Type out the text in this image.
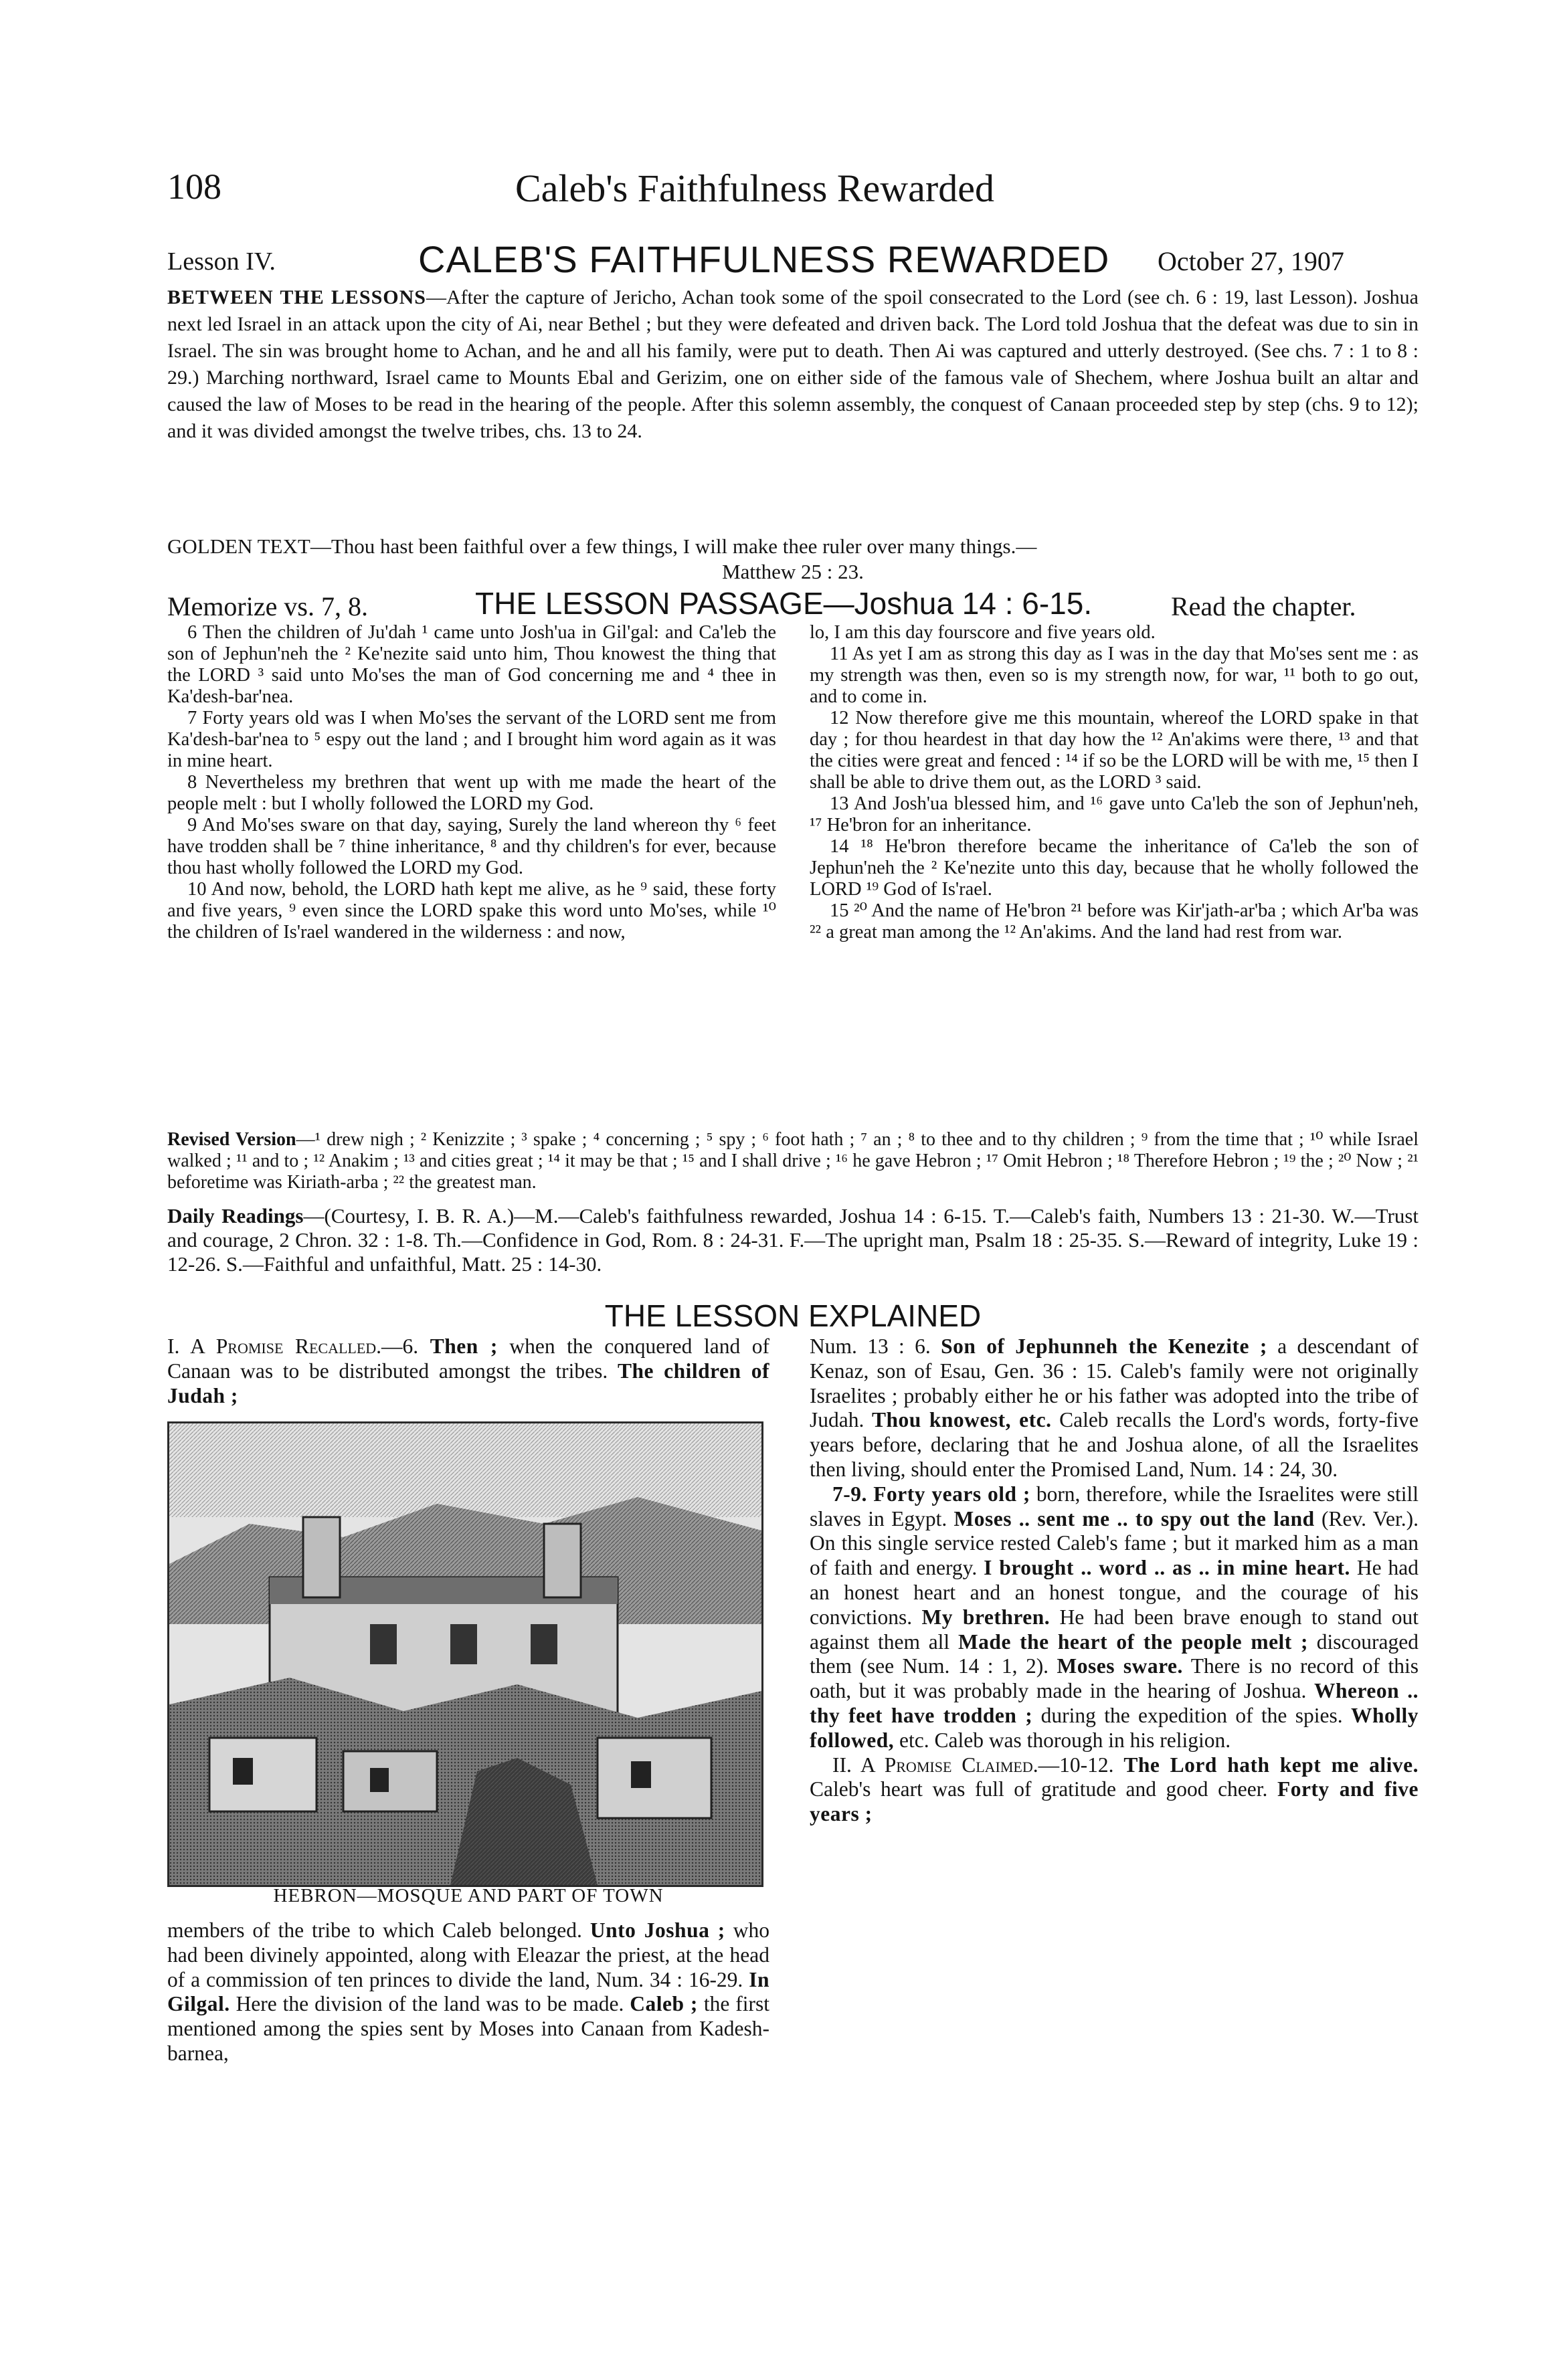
108	Caleb's Faithfulness Rewarded
Lesson IV.	CALEB'S FAITHFULNESS REWARDED October 27, 1907
BETWEEN THE LESSONS—After the capture of Jericho, Achan took some of the spoil consecrated to the Lord (see ch. 6 : 19, last Lesson). Joshua next led Israel in an attack upon the city of Ai, near Bethel ; but they were defeated and driven back. The Lord told Joshua that the defeat was due to sin in Israel. The sin was brought home to Achan, and he and all his family, were put to death. Then Ai was captured and utterly destroyed. (See chs. 7 : 1 to 8 : 29.) Marching northward, Israel came to Mounts Ebal and Gerizim, one on either side of the famous vale of Shechem, where Joshua built an altar and caused the law of Moses to be read in the hearing of the people. After this solemn assembly, the conquest of Canaan proceeded step by step (chs. 9 to 12); and it was divided amongst the twelve tribes, chs. 13 to 24.
GOLDEN TEXT—Thou hast been faithful over a few things, I will make thee ruler over many things.—
Matthew 25 : 23.
Memorize vs. 7, 8.	THE LESSON PASSAGE—Joshua 14 : 6-15.	Read the chapter.

6 Then the children of Ju'dah ¹ came unto Josh'ua in Gil'gal: and Ca'leb the son of Jephun'neh the ² Ke'nezite said unto him, Thou knowest the thing that the LORD ³ said unto Mo'ses the man of God concerning me and ⁴ thee in Ka'desh-bar'nea.

7 Forty years old was I when Mo'ses the servant of the LORD sent me from Ka'desh-bar'nea to ⁵ espy out the land ; and I brought him word again as it was in mine heart.

8 Nevertheless my brethren that went up with me made the heart of the people melt : but I wholly followed the LORD my God.

9 And Mo'ses sware on that day, saying, Surely the land whereon thy ⁶ feet have trodden shall be ⁷ thine inheritance, ⁸ and thy children's for ever, because thou hast wholly followed the LORD my God.

10 And now, behold, the LORD hath kept me alive, as he ⁹ said, these forty and five years, ⁹ even since the LORD spake this word unto Mo'ses, while ¹⁰ the children of Is'rael wandered in the wilderness : and now,

lo, I am this day fourscore and five years old.

11 As yet I am as strong this day as I was in the day that Mo'ses sent me : as my strength was then, even so is my strength now, for war, ¹¹ both to go out, and to come in.

12 Now therefore give me this mountain, whereof the LORD spake in that day ; for thou heardest in that day how the ¹² An'akims were there, ¹³ and that the cities were great and fenced : ¹⁴ if so be the LORD will be with me, ¹⁵ then I shall be able to drive them out, as the LORD ³ said.

13 And Josh'ua blessed him, and ¹⁶ gave unto Ca'leb the son of Jephun'neh, ¹⁷ He'bron for an inheritance.

14 ¹⁸ He'bron therefore became the inheritance of Ca'leb the son of Jephun'neh the ² Ke'nezite unto this day, because that he wholly followed the LORD ¹⁹ God of Is'rael.

15 ²⁰ And the name of He'bron ²¹ before was Kir'jath-ar'ba ; which Ar'ba was ²² a great man among the ¹² An'akims. And the land had rest from war.

Revised Version—¹ drew nigh ; ² Kenizzite ; ³ spake ; ⁴ concerning ; ⁵ spy ; ⁶ foot hath ; ⁷ an ; ⁸ to thee and to thy children ; ⁹ from the time that ; ¹⁰ while Israel walked ; ¹¹ and to ; ¹² Anakim ; ¹³ and cities great ; ¹⁴ it may be that ; ¹⁵ and I shall drive ; ¹⁶ he gave Hebron ; ¹⁷ Omit Hebron ; ¹⁸ Therefore Hebron ; ¹⁹ the ; ²⁰ Now ; ²¹ beforetime was Kiriath-arba ; ²² the greatest man.
Daily Readings—(Courtesy, I. B. R. A.)—M.—Caleb's faithfulness rewarded, Joshua 14 : 6-15. T.—Caleb's faith, Numbers 13 : 21-30. W.—Trust and courage, 2 Chron. 32 : 1-8. Th.—Confidence in God, Rom. 8 : 24-31. F.—The upright man, Psalm 18 : 25-35. S.—Reward of integrity, Luke 19 : 12-26. S.—Faithful and unfaithful, Matt. 25 : 14-30.
THE LESSON EXPLAINED

I. A Promise Recalled.—6. Then ; when the conquered land of Canaan was to be distributed amongst the tribes. The children of Judah ;

HEBRON—MOSQUE AND PART OF TOWN

members of the tribe to which Caleb belonged. Unto Joshua ; who had been divinely appointed, along with Eleazar the priest, at the head of a commission of ten princes to divide the land, Num. 34 : 16-29. In Gilgal. Here the division of the land was to be made. Caleb ; the first mentioned among the spies sent by Moses into Canaan from Kadesh-barnea,

Num. 13 : 6. Son of Jephunneh the Kenezite ; a descendant of Kenaz, son of Esau, Gen. 36 : 15. Caleb's family were not originally Israelites ; probably either he or his father was adopted into the tribe of Judah. Thou knowest, etc. Caleb recalls the Lord's words, forty-five years before, declaring that he and Joshua alone, of all the Israelites then living, should enter the Promised Land, Num. 14 : 24, 30.

7-9. Forty years old ; born, therefore, while the Israelites were still slaves in Egypt. Moses .. sent me .. to spy out the land (Rev. Ver.). On this single service rested Caleb's fame ; but it marked him as a man of faith and energy. I brought .. word .. as .. in mine heart. He had an honest heart and an honest tongue, and the courage of his convictions. My brethren. He had been brave enough to stand out against them all Made the heart of the people melt ; discouraged them (see Num. 14 : 1, 2). Moses sware. There is no record of this oath, but it was probably made in the hearing of Joshua. Whereon .. thy feet have trodden ; during the expedition of the spies. Wholly followed, etc. Caleb was thorough in his religion.

II. A Promise Claimed.—10-12. The Lord hath kept me alive. Caleb's heart was full of gratitude and good cheer. Forty and five years ;
